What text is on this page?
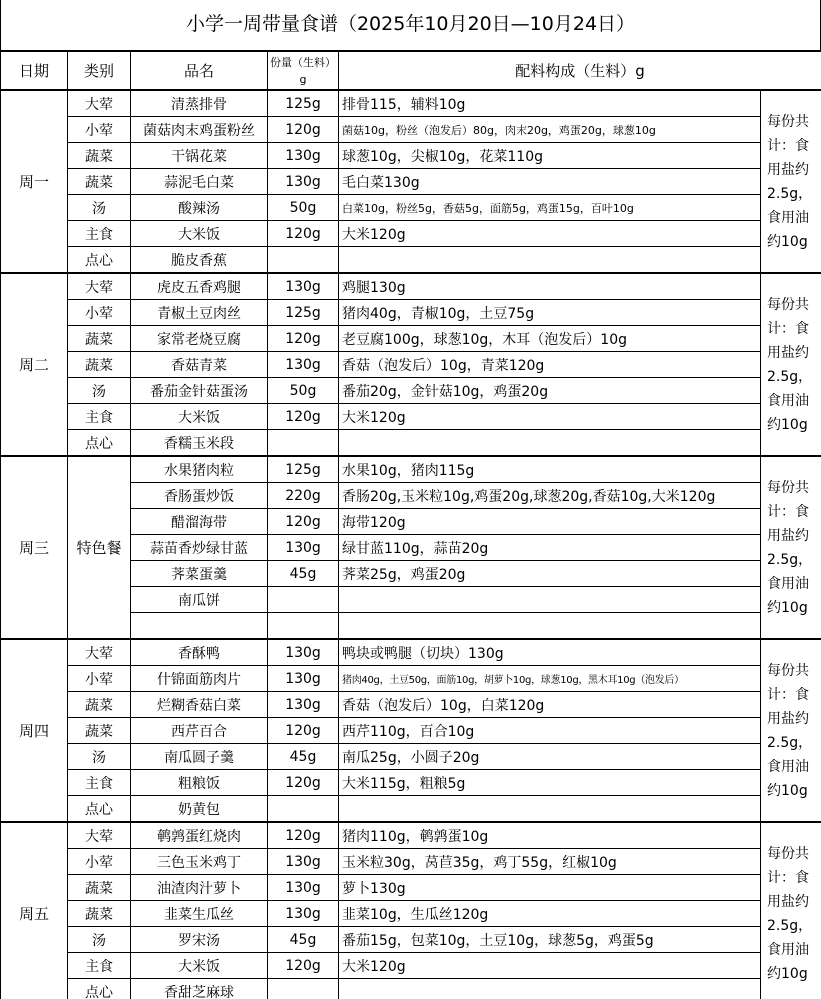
小学一周带量食谱（2025年10月20日—10月24日）
日期	类别	品名	份量（生料）g	配料构成（生料）g	
周一	大荤	清蒸排骨	125g	排骨115，辅料10g	每份共计：食用盐约2.5g，食用油约10g
	小荤	菌菇肉末鸡蛋粉丝	120g	菌菇10g，粉丝（泡发后）80g，肉末20g，鸡蛋20g，球葱10g	
	蔬菜	干锅花菜	130g	球葱10g，尖椒10g，花菜110g	
	蔬菜	蒜泥毛白菜	130g	毛白菜130g	
	汤	酸辣汤	50g	白菜10g，粉丝5g，香菇5g，面筋5g，鸡蛋15g，百叶10g	
	主食	大米饭	120g	大米120g	
	点心	脆皮香蕉			
周二	大荤	虎皮五香鸡腿	130g	鸡腿130g	每份共计：食用盐约2.5g，食用油约10g
	小荤	青椒土豆肉丝	125g	猪肉40g，青椒10g，土豆75g	
	蔬菜	家常老烧豆腐	120g	老豆腐100g，球葱10g，木耳（泡发后）10g	
	蔬菜	香菇青菜	130g	香菇（泡发后）10g，青菜120g	
	汤	番茄金针菇蛋汤	50g	番茄20g，金针菇10g，鸡蛋20g	
	主食	大米饭	120g	大米120g	
	点心	香糯玉米段			
周三	特色餐	水果猪肉粒	125g	水果10g，猪肉115g	每份共计：食用盐约2.5g，食用油约10g
		香肠蛋炒饭	220g	香肠20g,玉米粒10g,鸡蛋20g,球葱20g,香菇10g,大米120g	
		醋溜海带	120g	海带120g	
		蒜苗香炒绿甘蓝	130g	绿甘蓝110g，蒜苗20g	
		荠菜蛋羹	45g	荠菜25g，鸡蛋20g	
		南瓜饼			

周四	大荤	香酥鸭	130g	鸭块或鸭腿（切块）130g	每份共计：食用盐约2.5g，食用油约10g
	小荤	什锦面筋肉片	130g	猪肉40g，土豆50g，面筋10g，胡萝卜10g，球葱10g，黑木耳10g（泡发后）	
	蔬菜	烂糊香菇白菜	130g	香菇（泡发后）10g，白菜120g	
	蔬菜	西芹百合	120g	西芹110g，百合10g	
	汤	南瓜圆子羹	45g	南瓜25g，小圆子20g	
	主食	粗粮饭	120g	大米115g，粗粮5g	
	点心	奶黄包			
周五	大荤	鹌鹑蛋红烧肉	120g	猪肉110g，鹌鹑蛋10g	每份共计：食用盐约2.5g，食用油约10g
	小荤	三色玉米鸡丁	130g	玉米粒30g，莴苣35g，鸡丁55g，红椒10g	
	蔬菜	油渣肉汁萝卜	130g	萝卜130g	
	蔬菜	韭菜生瓜丝	130g	韭菜10g，生瓜丝120g	
	汤	罗宋汤	45g	番茄15g，包菜10g，土豆10g，球葱5g，鸡蛋5g	
	主食	大米饭	120g	大米120g	
	点心	香甜芝麻球			
